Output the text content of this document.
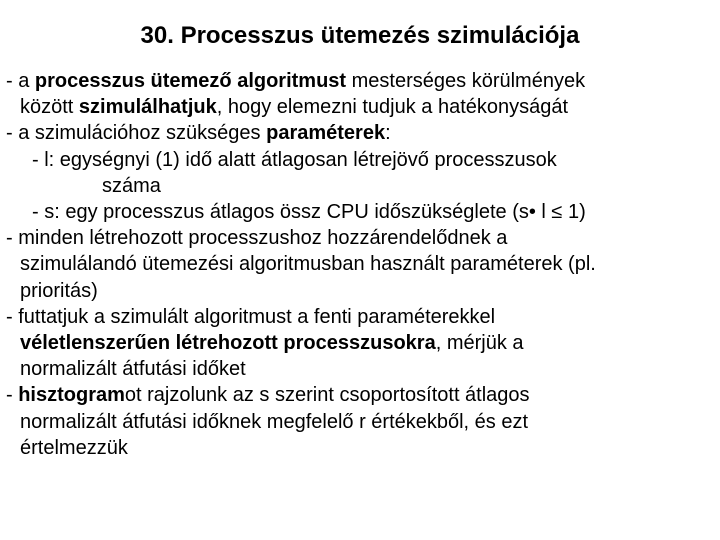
30. Processzus ütemezés szimulációja
- a processzus ütemező algoritmust mesterséges körülmények
között szimulálhatjuk, hogy elemezni tudjuk a hatékonyságát
- a szimulációhoz szükséges paraméterek:
- l: egységnyi (1) idő alatt átlagosan létrejövő processzusok
száma
- s: egy processzus átlagos össz CPU időszükséglete (s• l ≤ 1)
- minden létrehozott processzushoz hozzárendelődnek a
szimulálandó ütemezési algoritmusban használt paraméterek (pl.
prioritás)
- futtatjuk a szimulált algoritmust a fenti paraméterekkel
véletlenszerűen létrehozott processzusokra, mérjük a
normalizált átfutási időket
- hisztogramot rajzolunk az s szerint csoportosított átlagos
normalizált átfutási időknek megfelelő r értékekből, és ezt
értelmezzük
